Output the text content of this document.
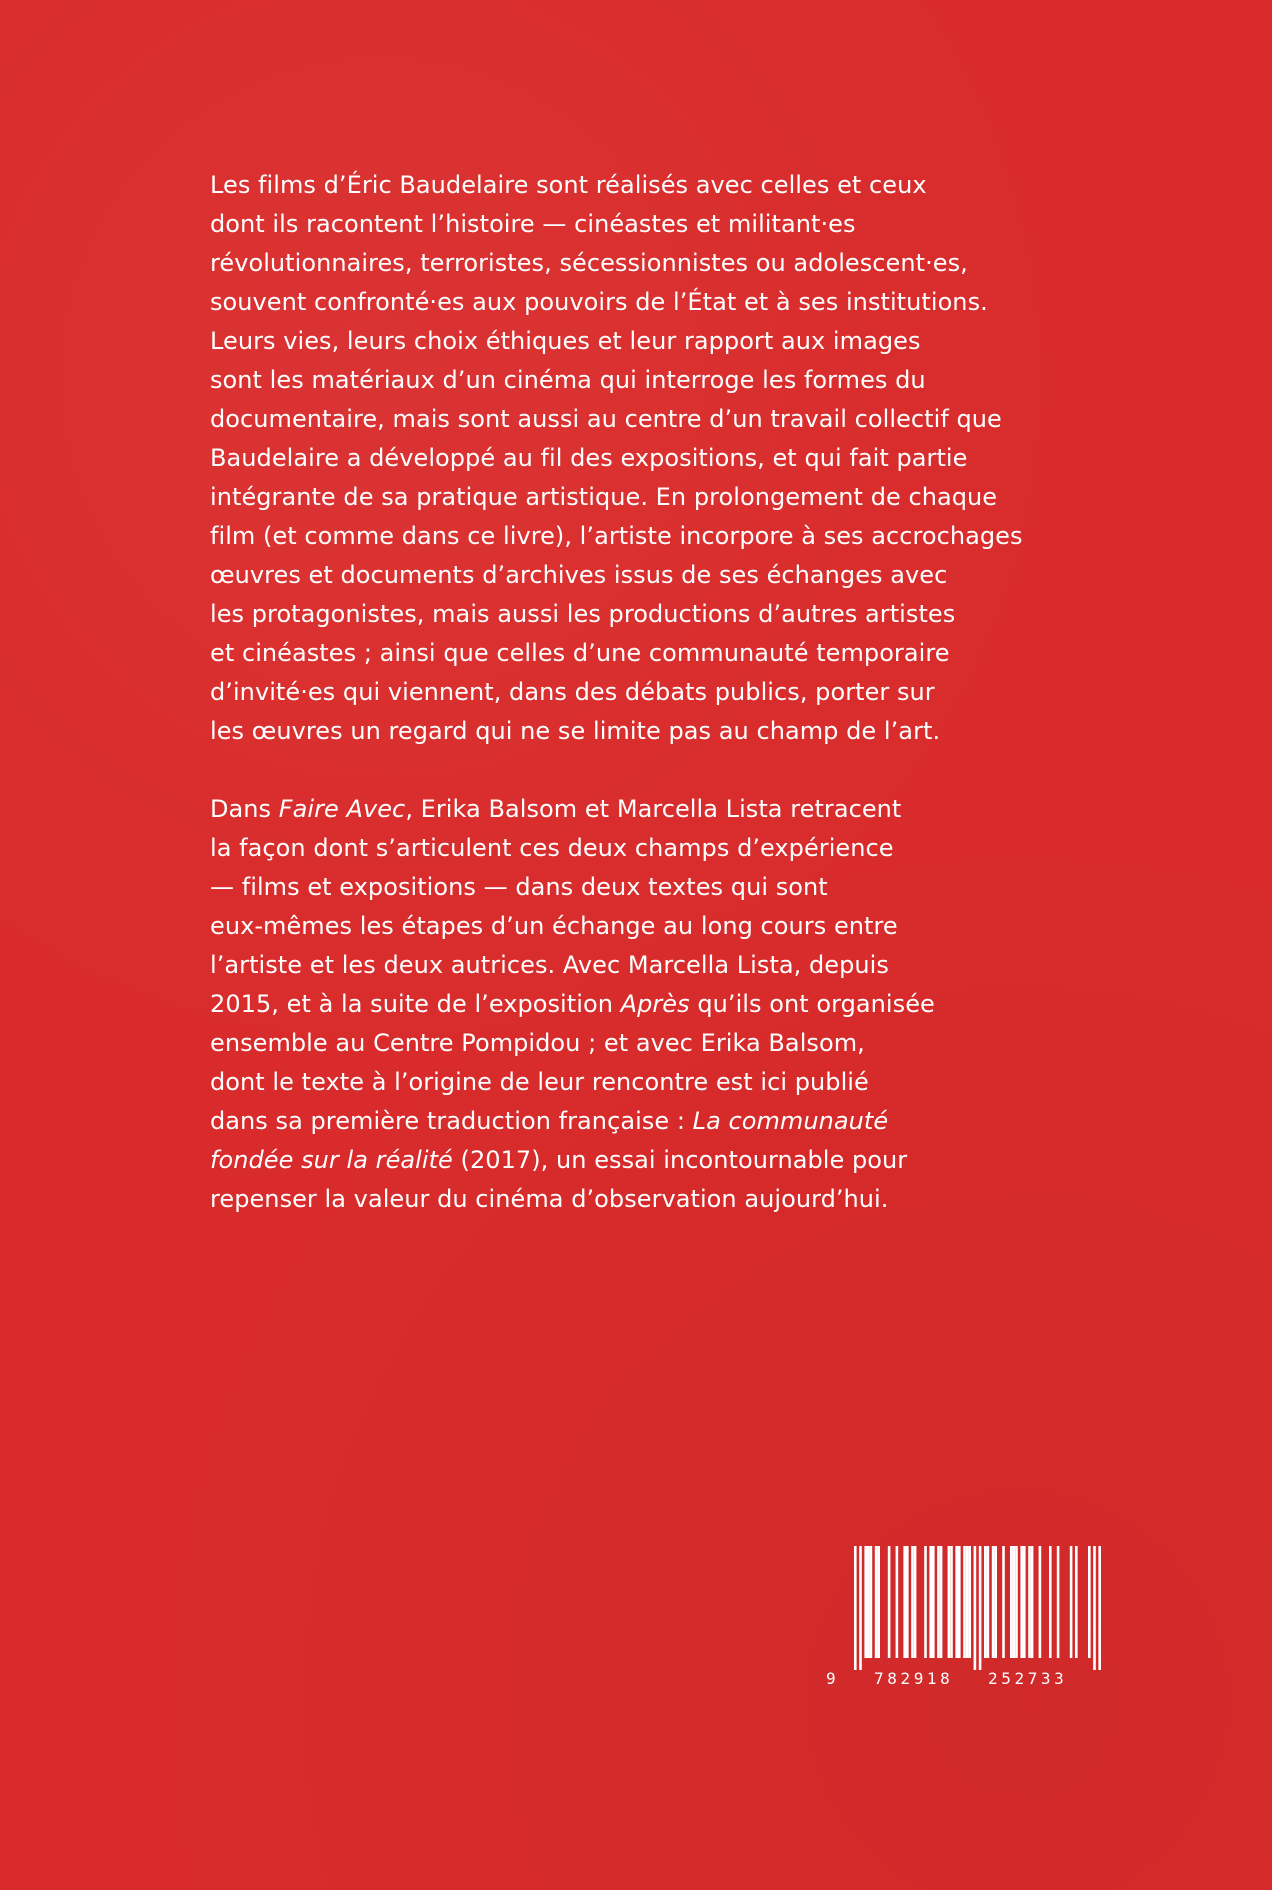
Les films d’Éric Baudelaire sont réalisés avec celles et ceux
dont ils racontent l’histoire — cinéastes et militant·es
révolutionnaires, terroristes, sécessionnistes ou adolescent·es,
souvent confronté·es aux pouvoirs de l’État et à ses institutions.
Leurs vies, leurs choix éthiques et leur rapport aux images
sont les matériaux d’un cinéma qui interroge les formes du
documentaire, mais sont aussi au centre d’un travail collectif que
Baudelaire a développé au fil des expositions, et qui fait partie
intégrante de sa pratique artistique. En prolongement de chaque
film (et comme dans ce livre), l’artiste incorpore à ses accrochages
œuvres et documents d’archives issus de ses échanges avec
les protagonistes, mais aussi les productions d’autres artistes
et cinéastes ; ainsi que celles d’une communauté temporaire
d’invité·es qui viennent, dans des débats publics, porter sur
les œuvres un regard qui ne se limite pas au champ de l’art.
Dans Faire Avec, Erika Balsom et Marcella Lista retracent
la façon dont s’articulent ces deux champs d’expérience
— films et expositions — dans deux textes qui sont
eux-mêmes les étapes d’un échange au long cours entre
l’artiste et les deux autrices. Avec Marcella Lista, depuis
2015, et à la suite de l’exposition Après qu’ils ont organisée
ensemble au Centre Pompidou ; et avec Erika Balsom,
dont le texte à l’origine de leur rencontre est ici publié
dans sa première traduction française : La communauté
fondée sur la réalité (2017), un essai incontournable pour
repenser la valeur du cinéma d’observation aujourd’hui.
9 782918 252733
